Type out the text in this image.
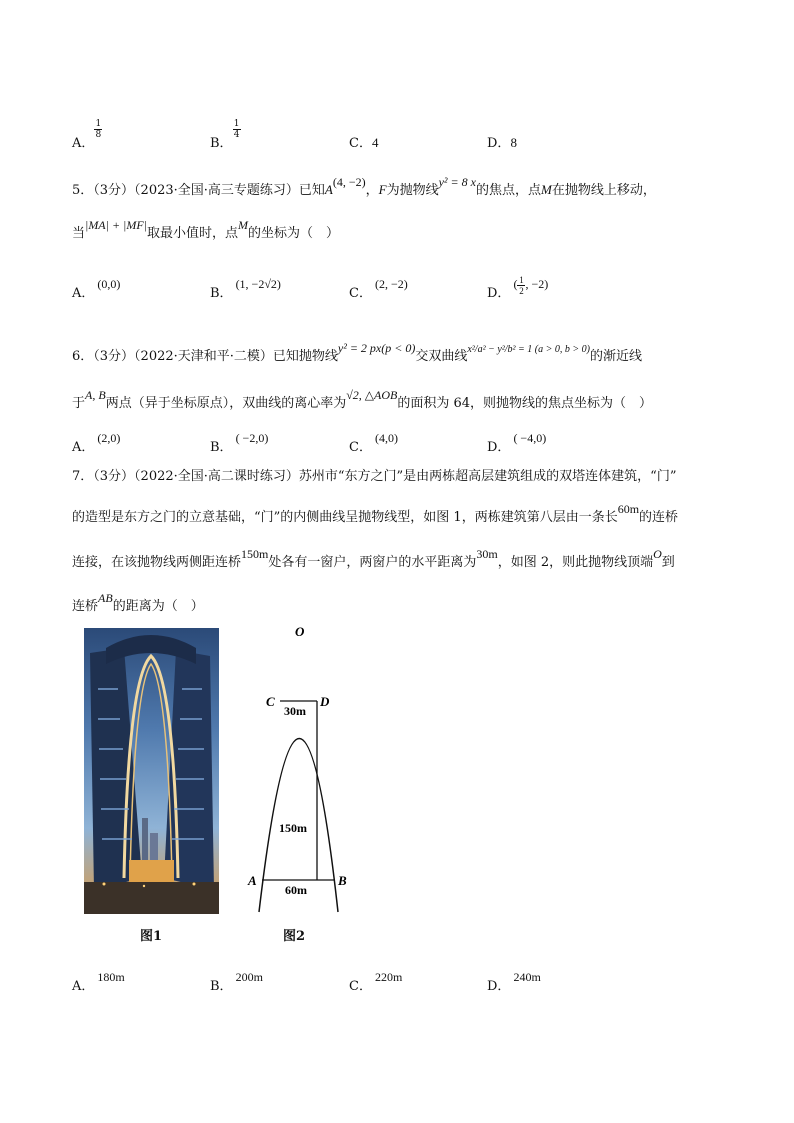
A．
$\frac{1}{8}$
B．
$\frac{1}{4}$
C．4	D．8
5．（3分）（2023·全国·高三专题练习）已知A(4, −2)，F为抛物线y² = 8 x的焦点，点M在抛物线上移动，
当|MA| + |MF|取最小值时，点M的坐标为（　）
A．(0,0)
B．(1, −2√2)
C．(2, −2)
D．( $\frac{1}{2}$ , −2)
6．（3分）（2022·天津和平·二模）已知抛物线y² = 2 px(p < 0)交双曲线$^{x^2/a^2 - y^2/b^2 = 1 (a > 0, b > 0)}$的渐近线
于A, B两点（异于坐标原点），双曲线的离心率为√2, △AOB的面积为 64，则抛物线的焦点坐标为（　）
A．(2,0)
B．( −2,0)
C．(4,0)
D．( −4,0)
7．（3分）（2022·全国·高二课时练习）苏州市“东方之门”是由两栋超高层建筑组成的双塔连体建筑，“门”
的造型是东方之门的立意基础，“门”的内侧曲线呈抛物线型，如图 1，两栋建筑第八层由一条长60m的连桥
连接，在该抛物线两侧距连桥150m处各有一窗户，两窗户的水平距离为30m，如图 2，则此抛物线顶端O到
连桥AB的距离为（　）
图1
O
C	D
30m
150m
A	B
60m
图2
A．180m
B．200m
C．220m
D．240m
